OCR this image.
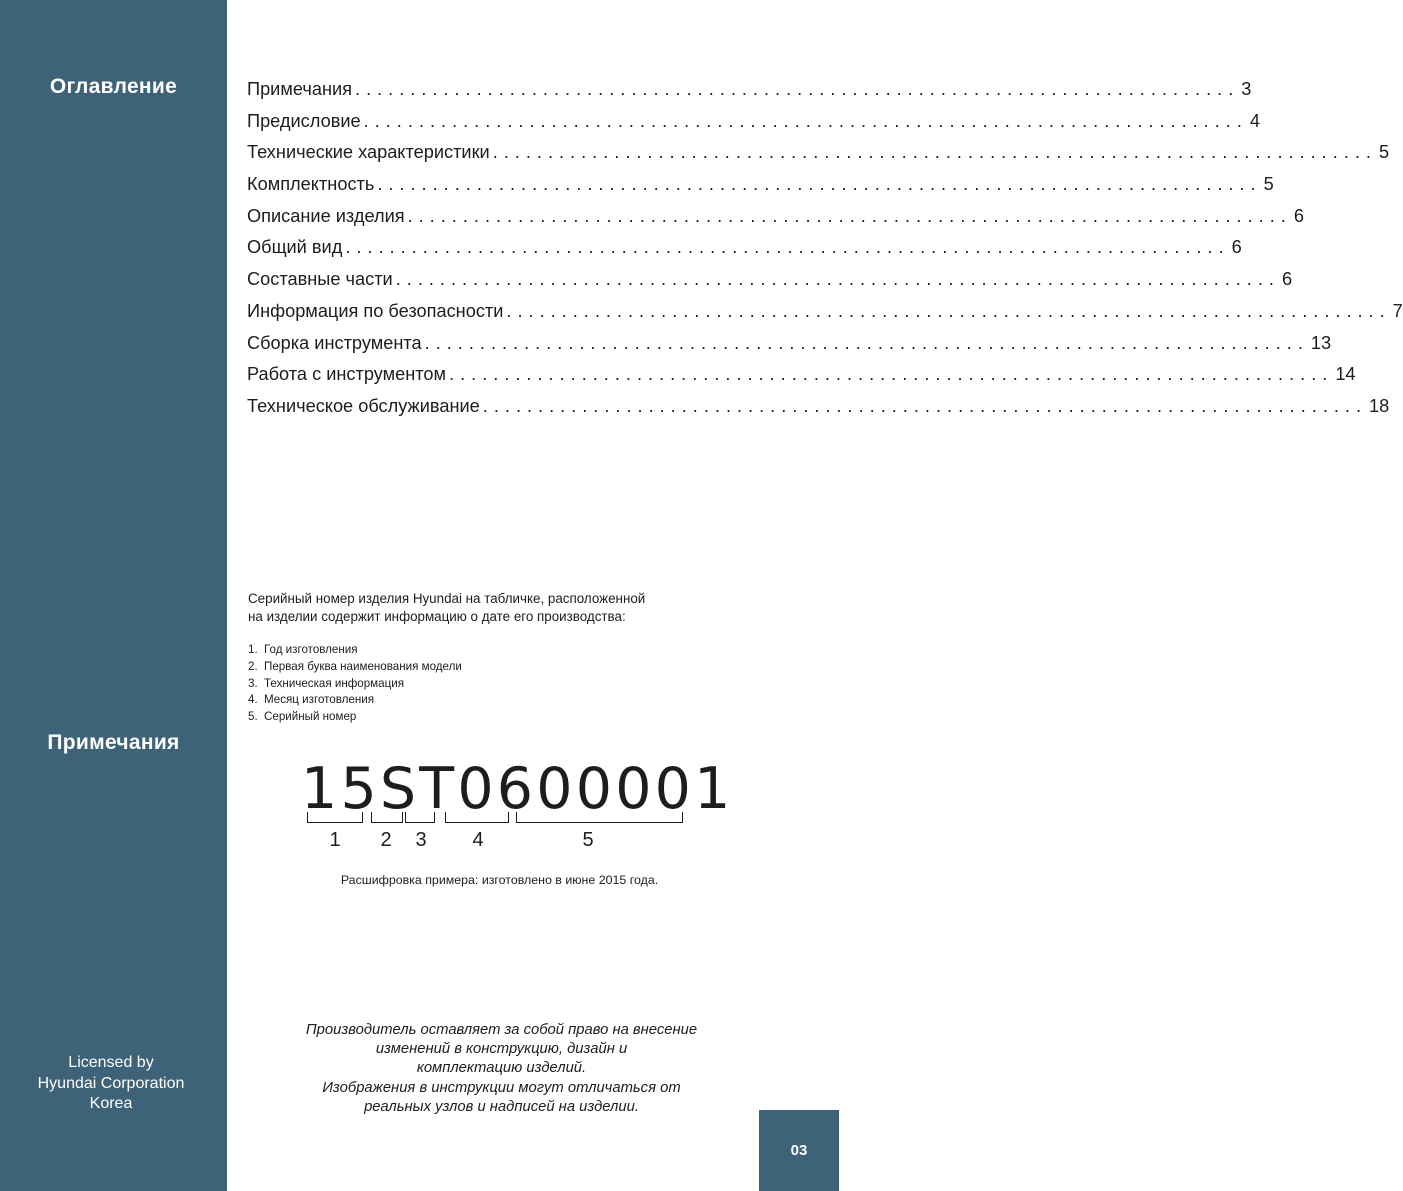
Оглавление
Примечания
Licensed by
Hyundai Corporation
Korea
Примечания ................................................................................ 3
Предисловие ................................................................................ 4
Технические характеристики ................................................................................ 5
Комплектность ................................................................................ 5
Описание изделия ................................................................................ 6
Общий вид ................................................................................ 6
Составные части ................................................................................ 6
Информация по безопасности ................................................................................ 7
Сборка инструмента ................................................................................ 13
Работа с инструментом ................................................................................ 14
Техническое обслуживание ................................................................................ 18
Серийный номер изделия Hyundai на табличке, расположенной
на изделии содержит информацию о дате его производства:
1. Год изготовления
2. Первая буква наименования модели
3. Техническая информация
4. Месяц изготовления
5. Серийный номер
15ST0600001
1	2	3	4	5
Расшифровка примера: изготовлено в июне 2015 года.
Производитель оставляет за собой право на внесение
изменений в конструкцию, дизайн и
комплектацию изделий.
Изображения в инструкции могут отличаться от
реальных узлов и надписей на изделии.
03
